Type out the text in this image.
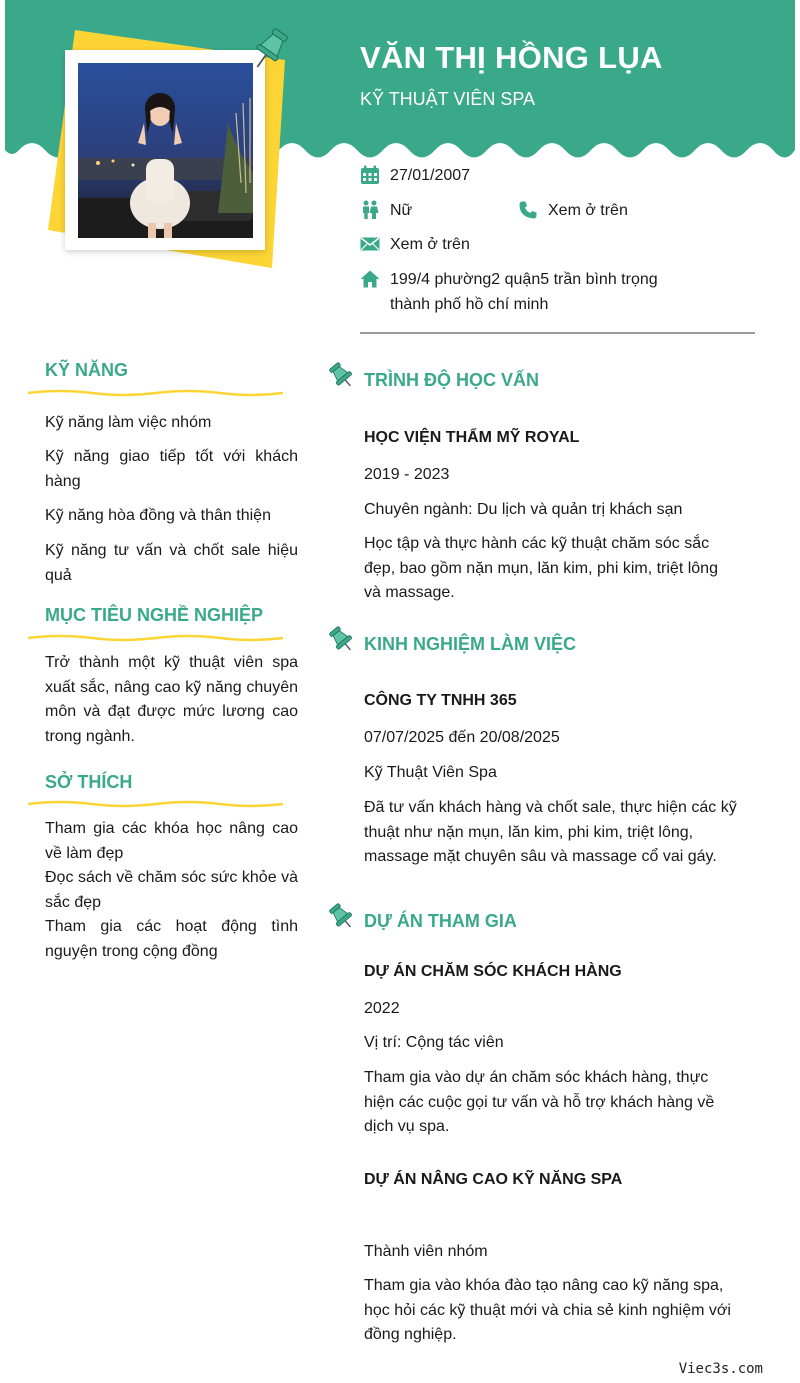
VĂN THỊ HỒNG LỤA
KỸ THUẬT VIÊN SPA
27/01/2007
Nữ	Xem ở trên
Xem ở trên
199/4 phường2 quận5 trần bình trọng
thành phố hồ chí minh
KỸ NĂNG
Kỹ năng làm việc nhóm
Kỹ năng giao tiếp tốt với khách hàng
Kỹ năng hòa đồng và thân thiện
Kỹ năng tư vấn và chốt sale hiệu quả
MỤC TIÊU NGHỀ NGHIỆP
Trở thành một kỹ thuật viên spa xuất sắc, nâng cao kỹ năng chuyên môn và đạt được mức lương cao trong ngành.
SỞ THÍCH
Tham gia các khóa học nâng cao về làm đẹp
Đọc sách về chăm sóc sức khỏe và sắc đẹp
Tham gia các hoạt động tình nguyện trong cộng đồng
TRÌNH ĐỘ HỌC VẤN
HỌC VIỆN THẨM MỸ ROYAL
2019 - 2023
Chuyên ngành: Du lịch và quản trị khách sạn
Học tập và thực hành các kỹ thuật chăm sóc sắc đẹp, bao gồm nặn mụn, lăn kim, phi kim, triệt lông và massage.
KINH NGHIỆM LÀM VIỆC
CÔNG TY TNHH 365
07/07/2025 đến 20/08/2025
Kỹ Thuật Viên Spa
Đã tư vấn khách hàng và chốt sale, thực hiện các kỹ thuật như nặn mụn, lăn kim, phi kim, triệt lông, massage mặt chuyên sâu và massage cổ vai gáy.
DỰ ÁN THAM GIA
DỰ ÁN CHĂM SÓC KHÁCH HÀNG
2022
Vị trí: Cộng tác viên
Tham gia vào dự án chăm sóc khách hàng, thực hiện các cuộc gọi tư vấn và hỗ trợ khách hàng về dịch vụ spa.
DỰ ÁN NÂNG CAO KỸ NĂNG SPA
Thành viên nhóm
Tham gia vào khóa đào tạo nâng cao kỹ năng spa, học hỏi các kỹ thuật mới và chia sẻ kinh nghiệm với đồng nghiệp.
Viec3s.com
